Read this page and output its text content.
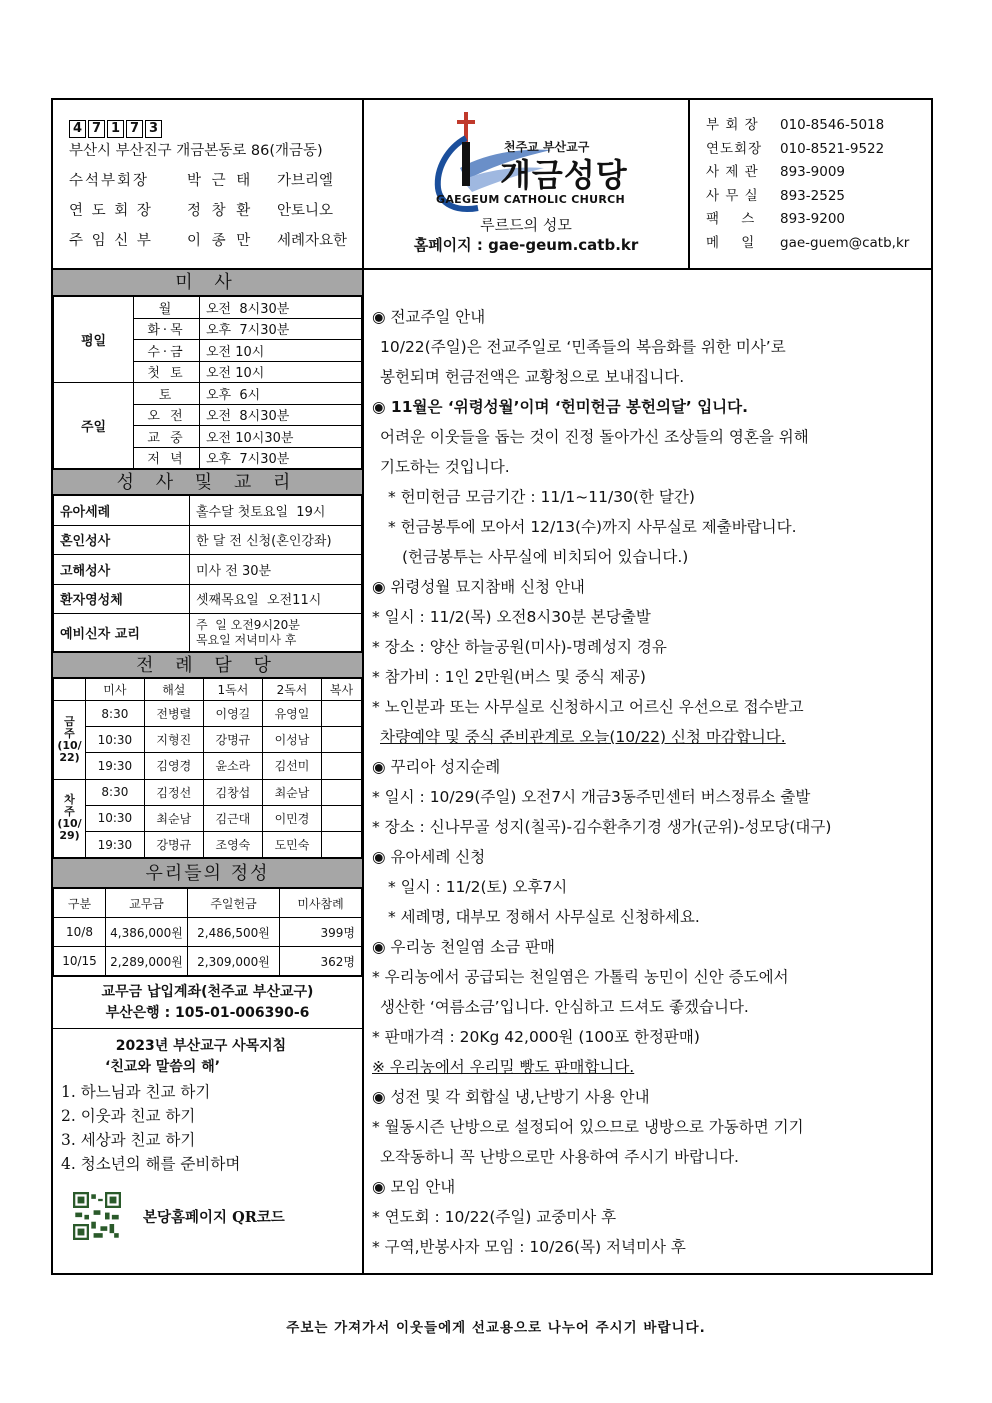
4 7 1 7 3
부산시 부산진구 개금본동로 86(개금동)
수석부회장	박 근 태	가브리엘
연 도 회 장	정 창 환	안토니오
주 임 신 부	이 종 만	세례자요한
천주교 부산교구
개금성당
GAEGEUM CATHOLIC CHURCH
루르드의 성모
홈페이지 : gae-geum.catb.kr
부 회 장	010-8546-5018
연도회장	010-8521-9522
사 제 관	893-9009
사 무 실	893-2525
팩    스	893-9200
메    일	gae-guem@catb,kr
미 사
평일	월	오전  8시30분
	화·목	오후  7시30분
	수·금	오전 10시
	첫 토	오전 10시
주일	토	오후  6시
	오 전	오전  8시30분
	교 중	오전 10시30분
	저 녁	오후  7시30분
성 사 및 교 리
유아세례	홀수달 첫토요일  19시
혼인성사	한 달 전 신청(혼인강좌)
고해성사	미사 전 30분
환자영성체	셋째목요일  오전11시
예비신자 교리	주  일 오전9시20분
목요일 저녁미사 후
전 례 담 당
	미사	해설	1독서	2독서	복사
금
주
(10/
22)	8:30	전병렬	이영길	유영일	
	10:30	지형진	강명규	이성남	
	19:30	김영경	윤소라	김선미	
차
주
(10/
29)	8:30	김정선	김창섭	최순남	
	10:30	최순남	김근대	이민경	
	19:30	강명규	조영숙	도민숙	
우리들의 정성
구분	교무금	주일헌금	미사참례
10/8	4,386,000원	2,486,500원	399명
10/15	2,289,000원	2,309,000원	362명
교무금 납입계좌(천주교 부산교구)
부산은행 : 105-01-006390-6
2023년 부산교구 사목지침
‘친교와 말씀의 해’
1. 하느님과 친교 하기
2. 이웃과 친교 하기
3. 세상과 친교 하기
4. 청소년의 해를 준비하며
본당홈페이지 QR코드
◉ 전교주일 안내
10/22(주일)은 전교주일로 ‘민족들의 복음화를 위한 미사’로
봉헌되며 헌금전액은 교황청으로 보내집니다.
◉ 11월은 ‘위령성월’이며 ‘헌미헌금 봉헌의달’ 입니다.
어려운 이웃들을 돕는 것이 진정 돌아가신 조상들의 영혼을 위해
기도하는 것입니다.
* 헌미헌금 모금기간 : 11/1~11/30(한 달간)
* 헌금봉투에 모아서 12/13(수)까지 사무실로 제출바랍니다.
(헌금봉투는 사무실에 비치되어 있습니다.)
◉ 위령성월 묘지참배 신청 안내
* 일시 : 11/2(목) 오전8시30분 본당출발
* 장소 : 양산 하늘공원(미사)-명례성지 경유
* 참가비 : 1인 2만원(버스 및 중식 제공)
* 노인분과 또는 사무실로 신청하시고 어르신 우선으로 접수받고
차량예약 및 중식 준비관계로 오늘(10/22) 신청 마감합니다.
◉ 꾸리아 성지순례
* 일시 : 10/29(주일) 오전7시 개금3동주민센터 버스정류소 출발
* 장소 : 신나무골 성지(칠곡)-김수환추기경 생가(군위)-성모당(대구)
◉ 유아세례 신청
* 일시 : 11/2(토) 오후7시
* 세례명, 대부모 정해서 사무실로 신청하세요.
◉ 우리농 천일염 소금 판매
* 우리농에서 공급되는 천일염은 가톨릭 농민이 신안 증도에서
생산한 ‘여름소금’입니다. 안심하고 드셔도 좋겠습니다.
* 판매가격 : 20Kg 42,000원 (100포 한정판매)
※ 우리농에서 우리밀 빵도 판매합니다.
◉ 성전 및 각 회합실 냉,난방기 사용 안내
* 월동시즌 난방으로 설정되어 있으므로 냉방으로 가동하면 기기
오작동하니 꼭 난방으로만 사용하여 주시기 바랍니다.
◉ 모임 안내
* 연도회 : 10/22(주일) 교중미사 후
* 구역,반봉사자 모임 : 10/26(목) 저녁미사 후
주보는 가져가서 이웃들에게 선교용으로 나누어 주시기 바랍니다.
